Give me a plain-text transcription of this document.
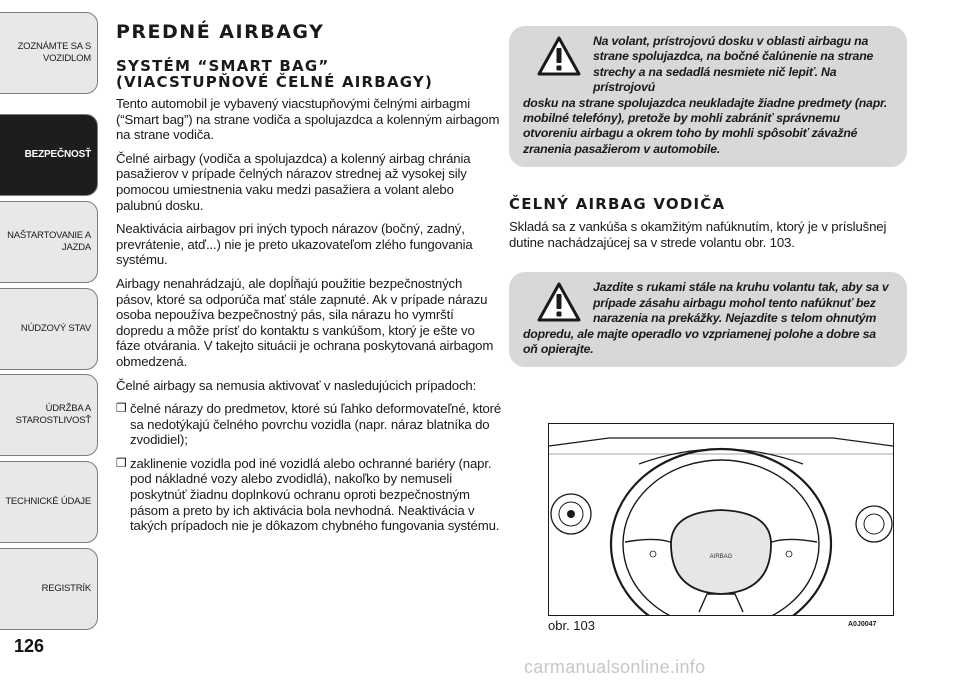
ZOZNÁMTE SA S VOZIDLOM
BEZPEČNOSŤ
NAŠTARTOVANIE A JAZDA
NÚDZOVÝ STAV
ÚDRŽBA A STAROSTLIVOSŤ
TECHNICKÉ ÚDAJE
REGISTRÍK
126
PREDNÉ AIRBAGY
SYSTÉM “SMART BAG”
(VIACSTUPŇOVÉ ČELNÉ AIRBAGY)

Tento automobil je vybavený viacstupňovými čelnými airbagmi (“Smart bag”) na strane vodiča a spolujazdca a kolenným airbagom na strane vodiča.

Čelné airbagy (vodiča a spolujazdca) a kolenný airbag chránia pasažierov v prípade čelných nárazov strednej až vysokej sily pomocou umiestnenia vaku medzi pasažiera a volant alebo palubnú dosku.

Neaktivácia airbagov pri iných typoch nárazov (bočný, zadný, prevrátenie, atď...) nie je preto ukazovateľom zlého fungovania systému.

Airbagy nenahrádzajú, ale dopĺňajú použitie bezpečnostných pásov, ktoré sa odporúča mať stále zapnuté. Ak v prípade nárazu osoba nepoužíva bezpečnostný pás, sila nárazu ho vymrští dopredu a môže prísť do kontaktu s vankúšom, ktorý je ešte vo fáze otvárania. V takejto situácii je ochrana poskytovaná airbagom obmedzená.

Čelné airbagy sa nemusia aktivovať v nasledujúcich prípadoch:

❒ čelné nárazy do predmetov, ktoré sú ľahko deformovateľné, ktoré sa nedotýkajú čelného povrchu vozidla (napr. náraz blatníka do zvodidiel);
❒ zaklinenie vozidla pod iné vozidlá alebo ochranné bariéry (napr. pod nákladné vozy alebo zvodidlá), nakoľko by nemuseli poskytnúť žiadnu doplnkovú ochranu oproti bezpečnostným pásom a preto by ich aktivácia bola nevhodná. Neaktivácia v takých prípadoch nie je dôkazom chybného fungovania systému.

Na volant, prístrojovú dosku v oblasti airbagu na
strane spolujazdca, na bočné čalúnenie na strane
strechy a na sedadlá nesmiete nič lepiť. Na prístrojovú
dosku na strane spolujazdca neukladajte žiadne predmety (napr. mobilné telefóny), pretože by mohli zabrániť správnemu otvoreniu airbagu a okrem toho by mohli spôsobiť závažné zranenia pasažierom v automobile.

ČELNÝ AIRBAG VODIČA

Skladá sa z vankúša s okamžitým nafúknutím, ktorý je v príslušnej dutine nachádzajúcej sa v strede volantu obr. 103.

Jazdite s rukami stále na kruhu volantu tak, aby sa v
prípade zásahu airbagu mohol tento nafúknuť bez
narazenia na prekážky. Nejazdite s telom ohnutým
dopredu, ale majte operadlo vo vzpriamenej polohe a dobre sa oň opierajte.

AIRBAG
obr. 103	A0J0047
carmanualsonline.info
